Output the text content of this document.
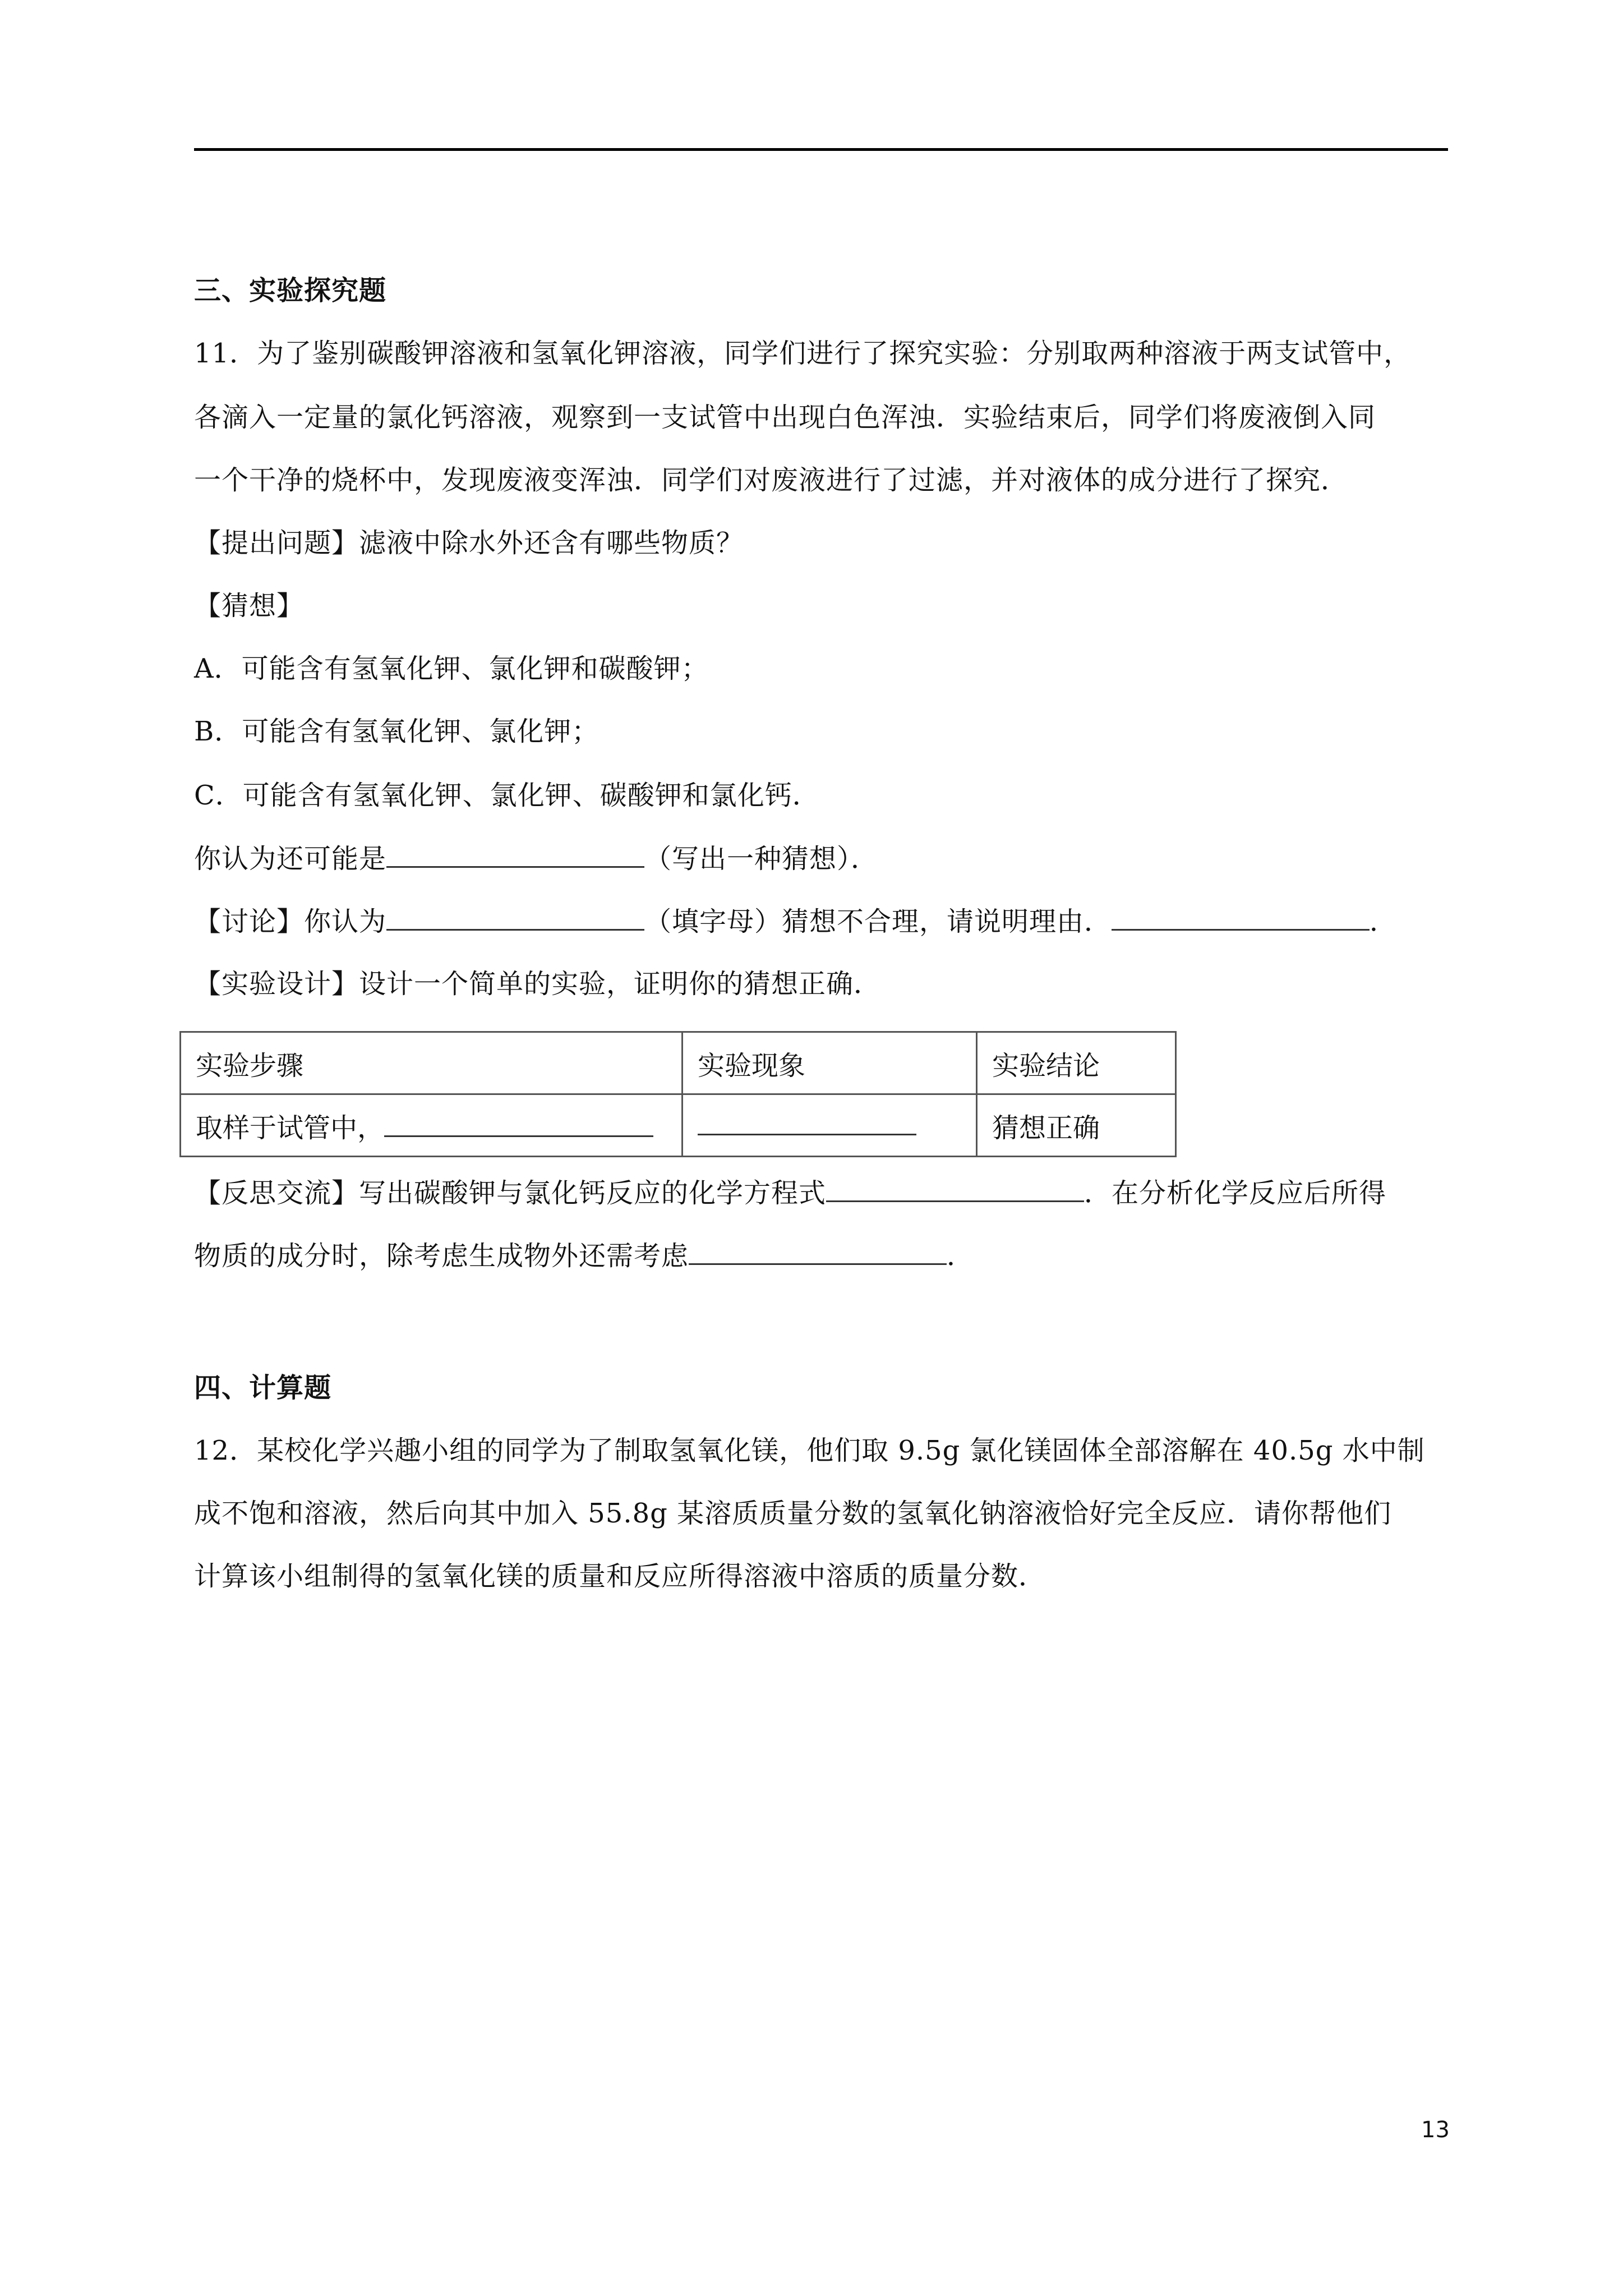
三、实验探究题
11．为了鉴别碳酸钾溶液和氢氧化钾溶液，同学们进行了探究实验：分别取两种溶液于两支试管中，
各滴入一定量的氯化钙溶液，观察到一支试管中出现白色浑浊．实验结束后，同学们将废液倒入同
一个干净的烧杯中，发现废液变浑浊．同学们对废液进行了过滤，并对液体的成分进行了探究．
【提出问题】滤液中除水外还含有哪些物质？
【猜想】
A．可能含有氢氧化钾、氯化钾和碳酸钾；
B．可能含有氢氧化钾、氯化钾；
C．可能含有氢氧化钾、氯化钾、碳酸钾和氯化钙．
你认为还可能是	（写出一种猜想）．
【讨论】你认为	（填字母）猜想不合理，请说明理由．	．
【实验设计】设计一个简单的实验，证明你的猜想正确．
实验步骤	实验现象	实验结论
取样于试管中，		猜想正确
【反思交流】写出碳酸钾与氯化钙反应的化学方程式	．在分析化学反应后所得
物质的成分时，除考虑生成物外还需考虑	．
四、计算题
12．某校化学兴趣小组的同学为了制取氢氧化镁，他们取 9.5g 氯化镁固体全部溶解在 40.5g 水中制
成不饱和溶液，然后向其中加入 55.8g 某溶质质量分数的氢氧化钠溶液恰好完全反应．请你帮他们
计算该小组制得的氢氧化镁的质量和反应所得溶液中溶质的质量分数．
13
